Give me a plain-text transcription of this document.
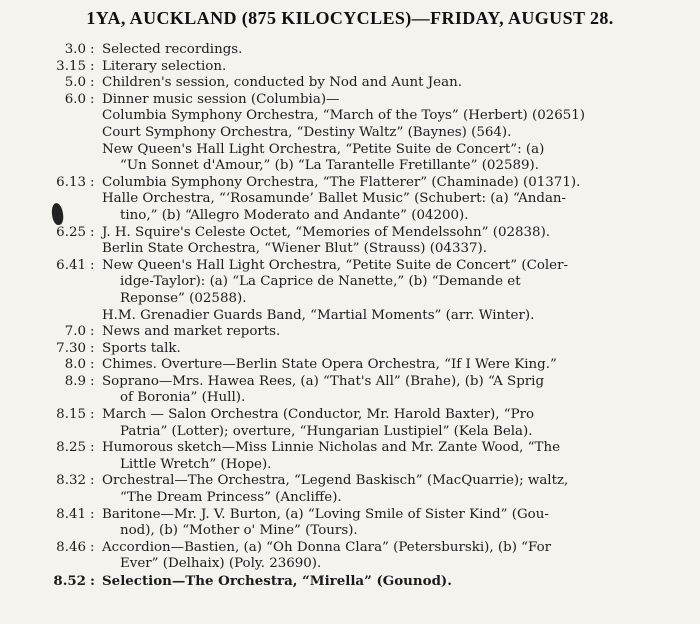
1YA, AUCKLAND (875 KILOCYCLES)—FRIDAY, AUGUST 28.
3.0 : Selected recordings.
3.15 : Literary selection.
5.0 : Children's session, conducted by Nod and Aunt Jean.
6.0 : Dinner music session (Columbia)—
Columbia Symphony Orchestra, “March of the Toys” (Herbert) (02651)
Court Symphony Orchestra, “Destiny Waltz” (Baynes) (564).
New Queen's Hall Light Orchestra, “Petite Suite de Concert”: (a)
“Un Sonnet d'Amour,” (b) “La Tarantelle Fretillante” (02589).
6.13 : Columbia Symphony Orchestra, “The Flatterer” (Chaminade) (01371).
Halle Orchestra, “‘Rosamunde’ Ballet Music” (Schubert: (a) “Andan-
tino,” (b) “Allegro Moderato and Andante” (04200).
6.25 : J. H. Squire's Celeste Octet, “Memories of Mendelssohn” (02838).
Berlin State Orchestra, “Wiener Blut” (Strauss) (04337).
6.41 : New Queen's Hall Light Orchestra, “Petite Suite de Concert” (Coler-
idge-Taylor): (a) “La Caprice de Nanette,” (b) “Demande et
Reponse” (02588).
H.M. Grenadier Guards Band, “Martial Moments” (arr. Winter).
7.0 : News and market reports.
7.30 : Sports talk.
8.0 : Chimes. Overture—Berlin State Opera Orchestra, “If I Were King.”
8.9 : Soprano—Mrs. Hawea Rees, (a) “That's All” (Brahe), (b) “A Sprig
of Boronia” (Hull).
8.15 : March — Salon Orchestra (Conductor, Mr. Harold Baxter), “Pro
Patria” (Lotter); overture, “Hungarian Lustipiel” (Kela Bela).
8.25 : Humorous sketch—Miss Linnie Nicholas and Mr. Zante Wood, “The
Little Wretch” (Hope).
8.32 : Orchestral—The Orchestra, “Legend Baskisch” (MacQuarrie); waltz,
“The Dream Princess” (Ancliffe).
8.41 : Baritone—Mr. J. V. Burton, (a) “Loving Smile of Sister Kind” (Gou-
nod), (b) “Mother o' Mine” (Tours).
8.46 : Accordion—Bastien, (a) “Oh Donna Clara” (Petersburski), (b) “For
Ever” (Delhaix) (Poly. 23690).
8.52 : Selection—The Orchestra, “Mirella” (Gounod).
